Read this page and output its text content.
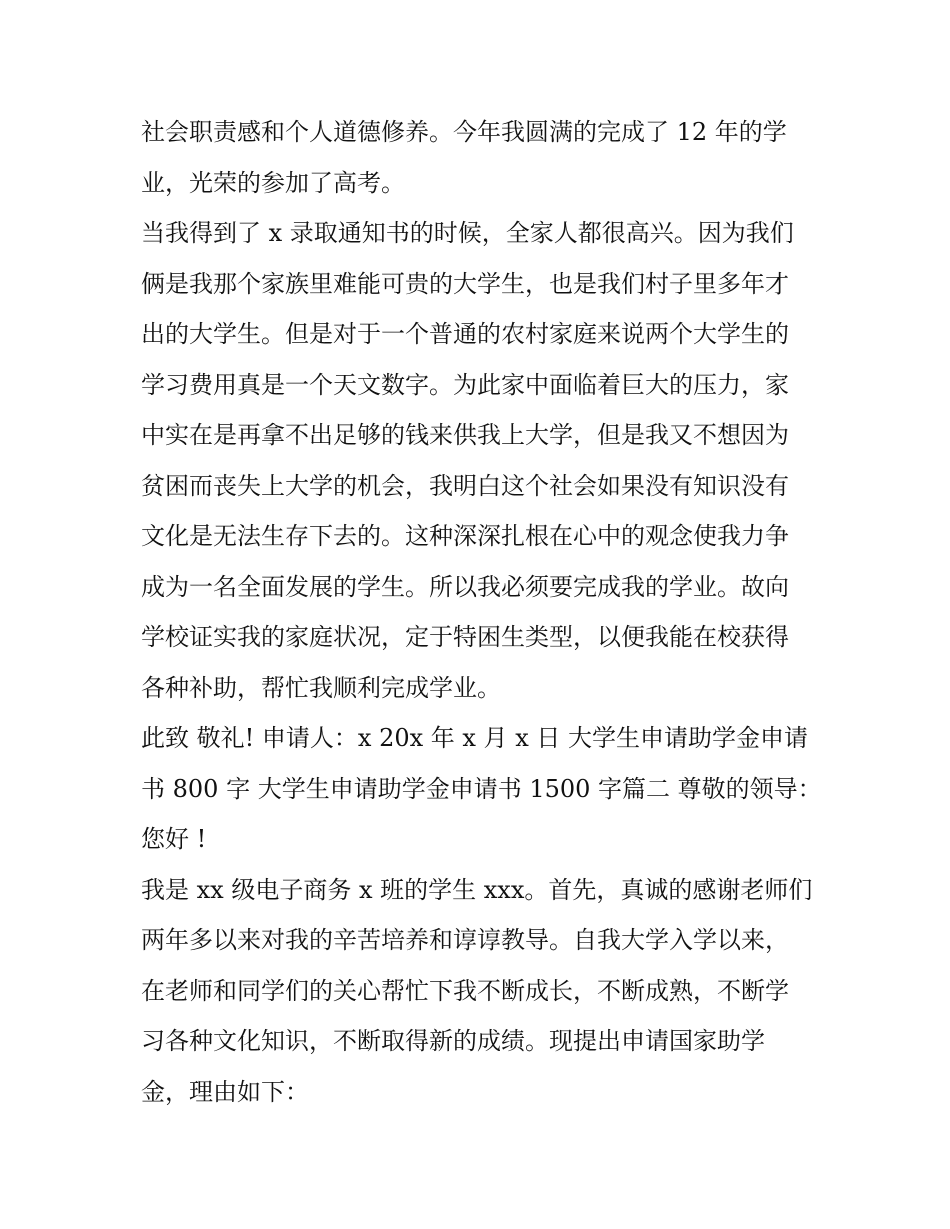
社会职责感和个人道德修养。今年我圆满的完成了 12 年的学
业，光荣的参加了高考。
当我得到了 x 录取通知书的时候，全家人都很高兴。因为我们
俩是我那个家族里难能可贵的大学生，也是我们村子里多年才
出的大学生。但是对于一个普通的农村家庭来说两个大学生的
学习费用真是一个天文数字。为此家中面临着巨大的压力，家
中实在是再拿不出足够的钱来供我上大学，但是我又不想因为
贫困而丧失上大学的机会，我明白这个社会如果没有知识没有
文化是无法生存下去的。这种深深扎根在心中的观念使我力争
成为一名全面发展的学生。所以我必须要完成我的学业。故向
学校证实我的家庭状况，定于特困生类型，以便我能在校获得
各种补助，帮忙我顺利完成学业。
此致 敬礼! 申请人：x 20x 年 x 月 x 日 大学生申请助学金申请
书 800 字 大学生申请助学金申请书 1500 字篇二 尊敬的领导：
您好 !
我是 xx 级电子商务 x 班的学生 xxx。首先，真诚的感谢老师们
两年多以来对我的辛苦培养和谆谆教导。自我大学入学以来，
在老师和同学们的关心帮忙下我不断成长，不断成熟，不断学
习各种文化知识，不断取得新的成绩。现提出申请国家助学
金，理由如下：
